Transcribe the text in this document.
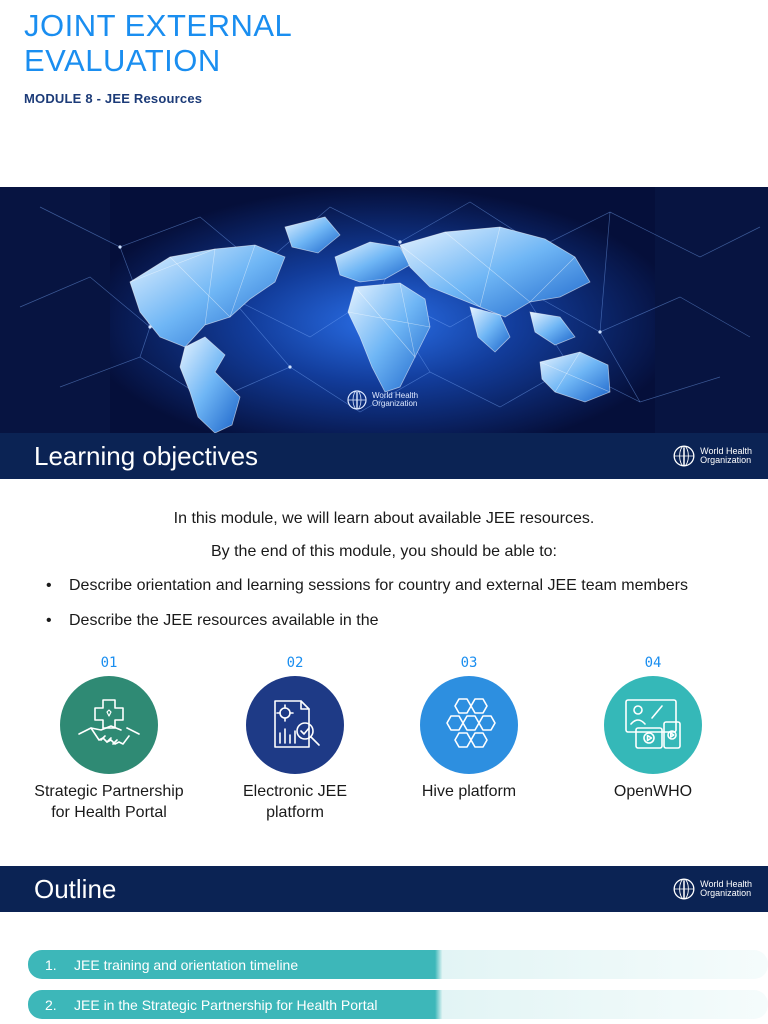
JOINT EXTERNAL EVALUATION
MODULE 8 - JEE Resources
World Health
Organization
Learning objectives	World Health
Organization
In this module, we will learn about available JEE resources.
By the end of this module, you should be able to:
• Describe orientation and learning sessions for country and external JEE team members
• Describe the JEE resources available in the
01
Strategic Partnership for Health Portal
02
Electronic JEE platform
03
Hive platform
04
OpenWHO
Outline	World Health
Organization
1.	JEE training and orientation timeline
2.	JEE in the Strategic Partnership for Health Portal
